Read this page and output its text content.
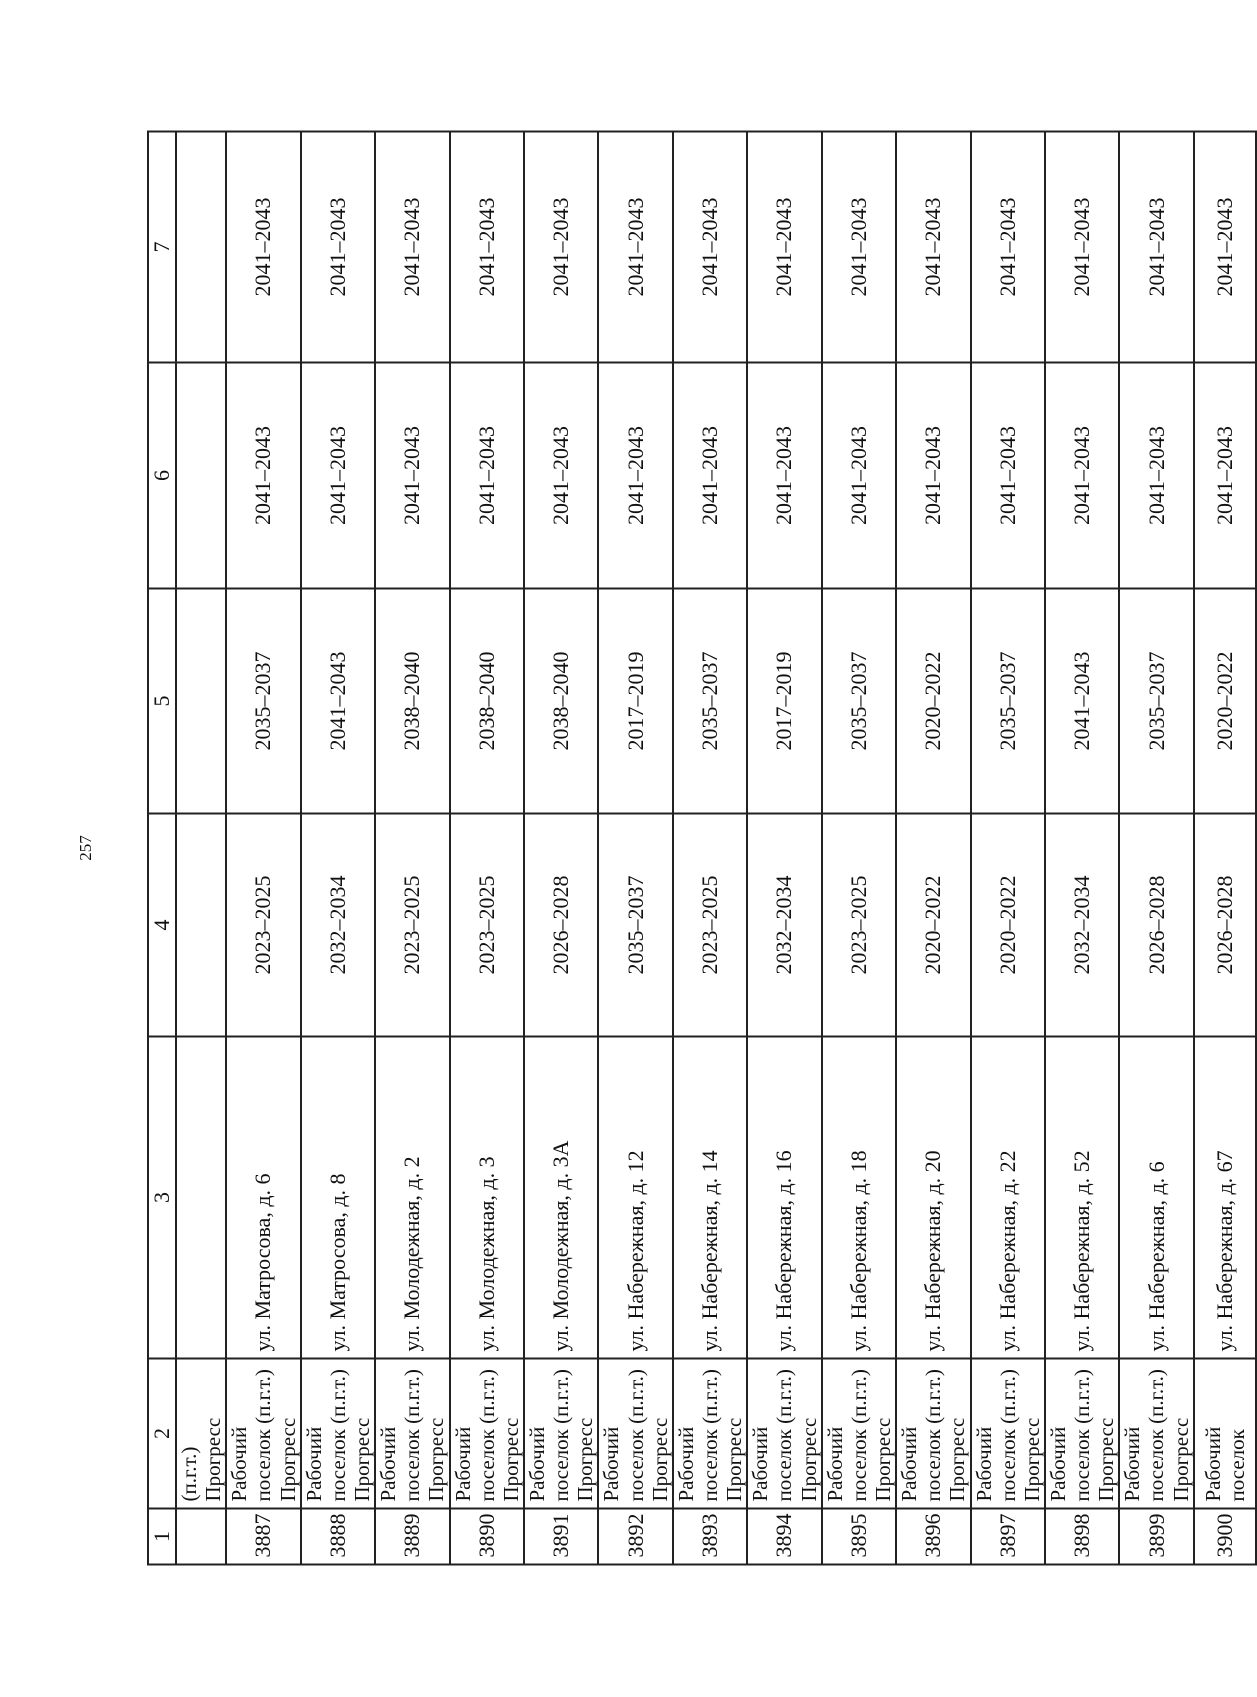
257
1	2	3	4	5	6	7
	(п.г.т.) Прогресс					
3887	Рабочий поселок (п.г.т.) Прогресс	ул. Матросова, д. 6	2023–2025	2035–2037	2041–2043	2041–2043
3888	Рабочий поселок (п.г.т.) Прогресс	ул. Матросова, д. 8	2032–2034	2041–2043	2041–2043	2041–2043
3889	Рабочий поселок (п.г.т.) Прогресс	ул. Молодежная, д. 2	2023–2025	2038–2040	2041–2043	2041–2043
3890	Рабочий поселок (п.г.т.) Прогресс	ул. Молодежная, д. 3	2023–2025	2038–2040	2041–2043	2041–2043
3891	Рабочий поселок (п.г.т.) Прогресс	ул. Молодежная, д. 3А	2026–2028	2038–2040	2041–2043	2041–2043
3892	Рабочий поселок (п.г.т.) Прогресс	ул. Набережная, д. 12	2035–2037	2017–2019	2041–2043	2041–2043
3893	Рабочий поселок (п.г.т.) Прогресс	ул. Набережная, д. 14	2023–2025	2035–2037	2041–2043	2041–2043
3894	Рабочий поселок (п.г.т.) Прогресс	ул. Набережная, д. 16	2032–2034	2017–2019	2041–2043	2041–2043
3895	Рабочий поселок (п.г.т.) Прогресс	ул. Набережная, д. 18	2023–2025	2035–2037	2041–2043	2041–2043
3896	Рабочий поселок (п.г.т.) Прогресс	ул. Набережная, д. 20	2020–2022	2020–2022	2041–2043	2041–2043
3897	Рабочий поселок (п.г.т.) Прогресс	ул. Набережная, д. 22	2020–2022	2035–2037	2041–2043	2041–2043
3898	Рабочий поселок (п.г.т.) Прогресс	ул. Набережная, д. 52	2032–2034	2041–2043	2041–2043	2041–2043
3899	Рабочий поселок (п.г.т.) Прогресс	ул. Набережная, д. 6	2026–2028	2035–2037	2041–2043	2041–2043
3900	Рабочий поселок	ул. Набережная, д. 67	2026–2028	2020–2022	2041–2043	2041–2043
